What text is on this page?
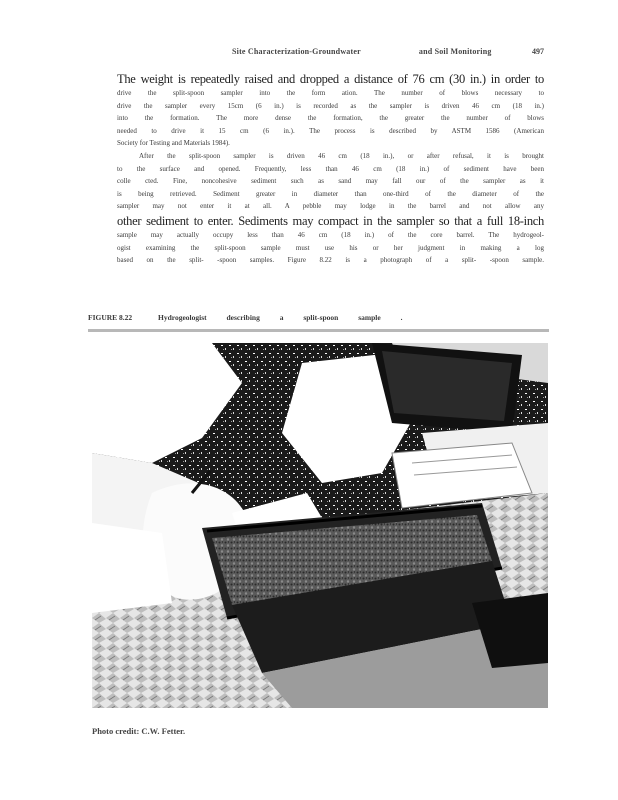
Site Characterization-Groundwater	and Soil Monitoring	497
The weight is repeatedly raised and dropped a distance of 76 cm (30 in.) in order to
drive the split-spoon sampler into the form ation. The number of blows necessary to
drive the sampler every 15cm (6 in.) is recorded as the sampler is driven 46 cm (18 in.)
into the formation. The more dense the formation, the greater the number of blows
needed to drive it 15 cm (6 in.). The process is described by ASTM 1586 (American
Society for Testing and Materials 1984).
After the split-spoon sampler is driven 46 cm (18 in.), or after refusal, it is brought
to the surface and opened. Frequently, less than 46 cm (18 in.) of sediment have been
colle cted. Fine, noncohesive sediment such as sand may fall our of the sampler as it
is being retrieved. Sediment greater in diameter than one-third of the diameter of the
sampler may not enter it at all. A pebble may lodge in the barrel and not allow any
other sediment to enter. Sediments may compact in the sampler so that a full 18-inch
sample may actually occupy less than 46 cm (18 in.) of the core barrel. The hydrogeol-
ogist examining the split-spoon sample must use his or her judgment in making a log
based on the split- -spoon samples. Figure 8.22 is a photograph of a split- -spoon sample.
FIGURE 8.22	Hydrogeologist describing a split-spoon sample .
Photo credit: C.W. Fetter.
